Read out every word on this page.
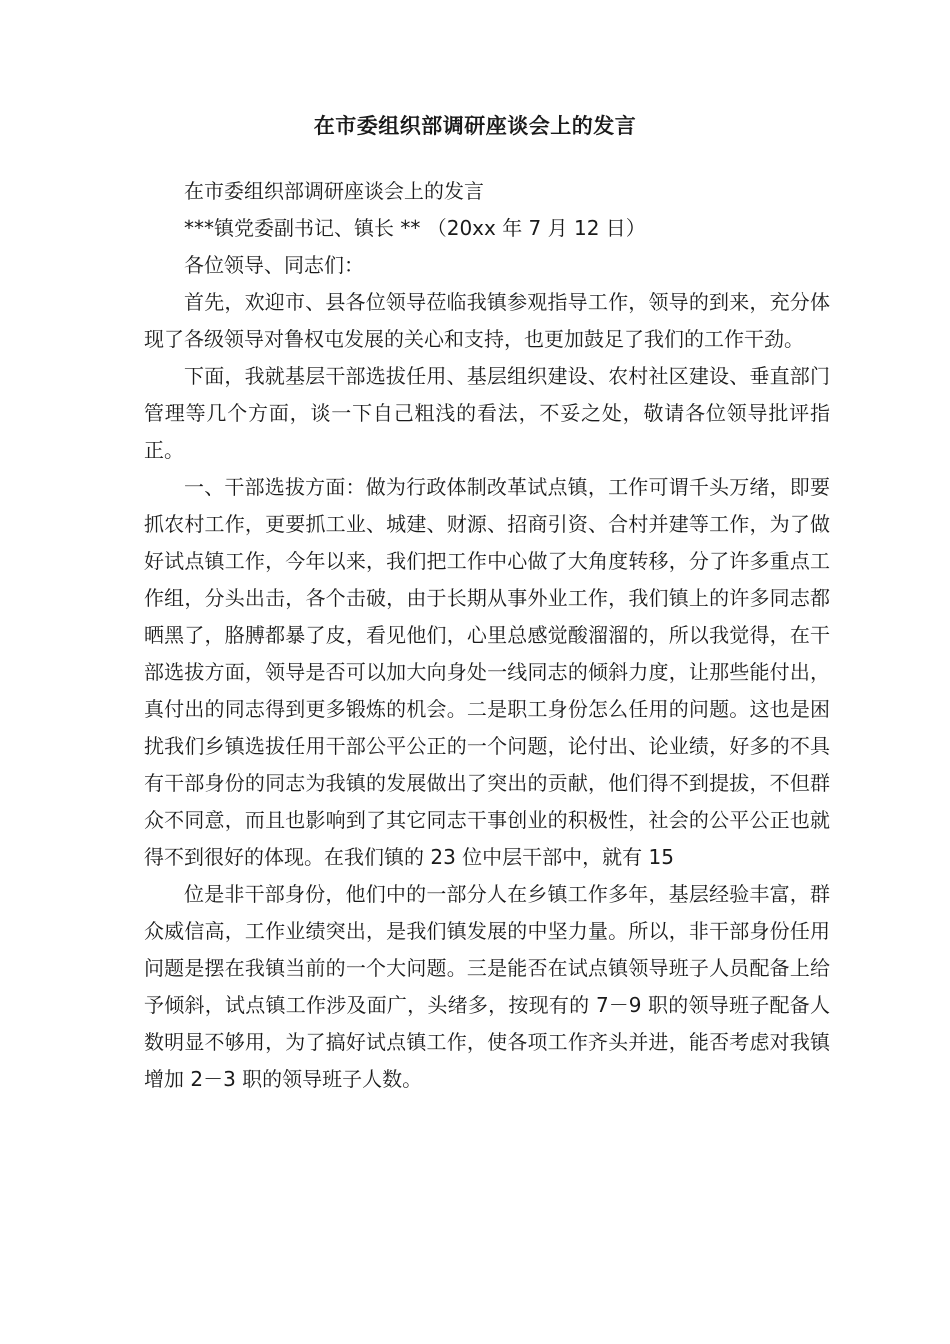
在市委组织部调研座谈会上的发言

在市委组织部调研座谈会上的发言

***镇党委副书记、镇长 ** （20xx 年 7 月 12 日）

各位领导、同志们：

首先，欢迎市、县各位领导莅临我镇参观指导工作，领导的到来，充分体现了各级领导对鲁权屯发展的关心和支持，也更加鼓足了我们的工作干劲。

下面，我就基层干部选拔任用、基层组织建设、农村社区建设、垂直部门管理等几个方面，谈一下自己粗浅的看法，不妥之处，敬请各位领导批评指正。

一、干部选拔方面：做为行政体制改革试点镇，工作可谓千头万绪，即要抓农村工作，更要抓工业、城建、财源、招商引资、合村并建等工作，为了做好试点镇工作，今年以来，我们把工作中心做了大角度转移，分了许多重点工作组，分头出击，各个击破，由于长期从事外业工作，我们镇上的许多同志都晒黑了，胳膊都暴了皮，看见他们，心里总感觉酸溜溜的，所以我觉得，在干部选拔方面，领导是否可以加大向身处一线同志的倾斜力度，让那些能付出，真付出的同志得到更多锻炼的机会。二是职工身份怎么任用的问题。这也是困扰我们乡镇选拔任用干部公平公正的一个问题，论付出、论业绩，好多的不具有干部身份的同志为我镇的发展做出了突出的贡献，他们得不到提拔，不但群众不同意，而且也影响到了其它同志干事创业的积极性，社会的公平公正也就得不到很好的体现。在我们镇的 23 位中层干部中，就有 15

位是非干部身份，他们中的一部分人在乡镇工作多年，基层经验丰富，群众威信高，工作业绩突出，是我们镇发展的中坚力量。所以，非干部身份任用问题是摆在我镇当前的一个大问题。三是能否在试点镇领导班子人员配备上给予倾斜，试点镇工作涉及面广，头绪多，按现有的 7－9 职的领导班子配备人数明显不够用，为了搞好试点镇工作，使各项工作齐头并进，能否考虑对我镇增加 2－3 职的领导班子人数。
